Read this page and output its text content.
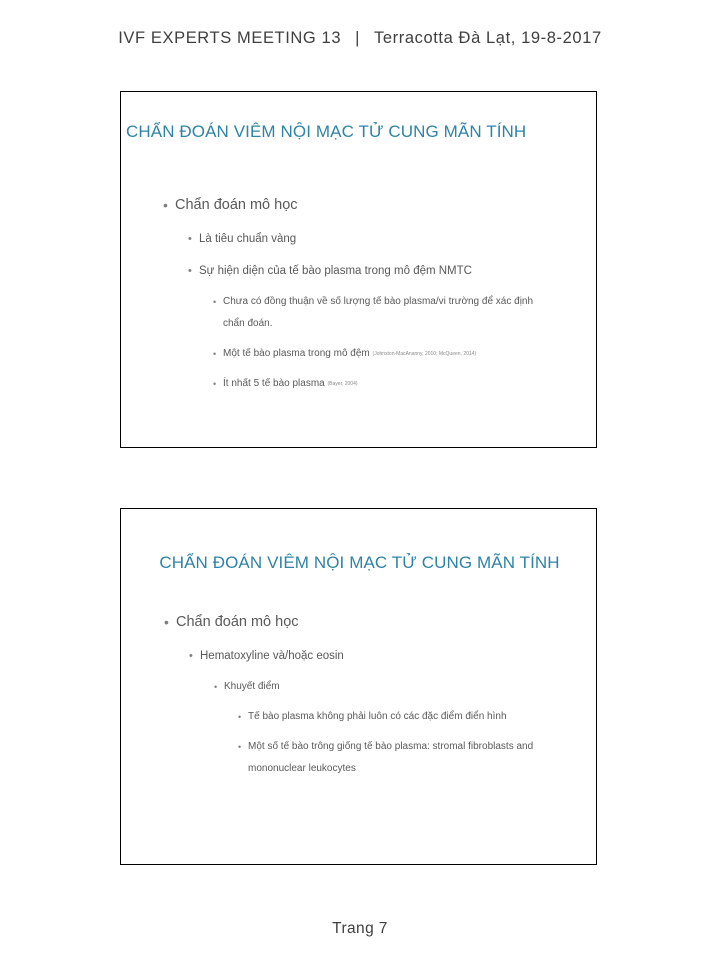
IVF EXPERTS MEETING 13 | Terracotta Đà Lạt, 19-8-2017
CHẨN ĐOÁN VIÊM NỘI MẠC TỬ CUNG MÃN TÍNH
• Chẩn đoán mô học
• Là tiêu chuẩn vàng
• Sự hiện diện của tế bào plasma trong mô đệm NMTC
• Chưa có đồng thuận về số lượng tế bào plasma/vi trường để xác định
chẩn đoán.
• Một tế bào plasma trong mô đệm (Johnston-MacAnanny, 2010; McQueen, 2014)
• Ít nhất 5 tế bào plasma (Bayer, 2004)
CHẨN ĐOÁN VIÊM NỘI MẠC TỬ CUNG MÃN TÍNH
• Chẩn đoán mô học
• Hematoxyline và/hoặc eosin
• Khuyết điểm
• Tế bào plasma không phải luôn có các đặc điểm điển hình
• Một số tế bào trông giống tế bào plasma: stromal fibroblasts and
mononuclear leukocytes
Trang 7
